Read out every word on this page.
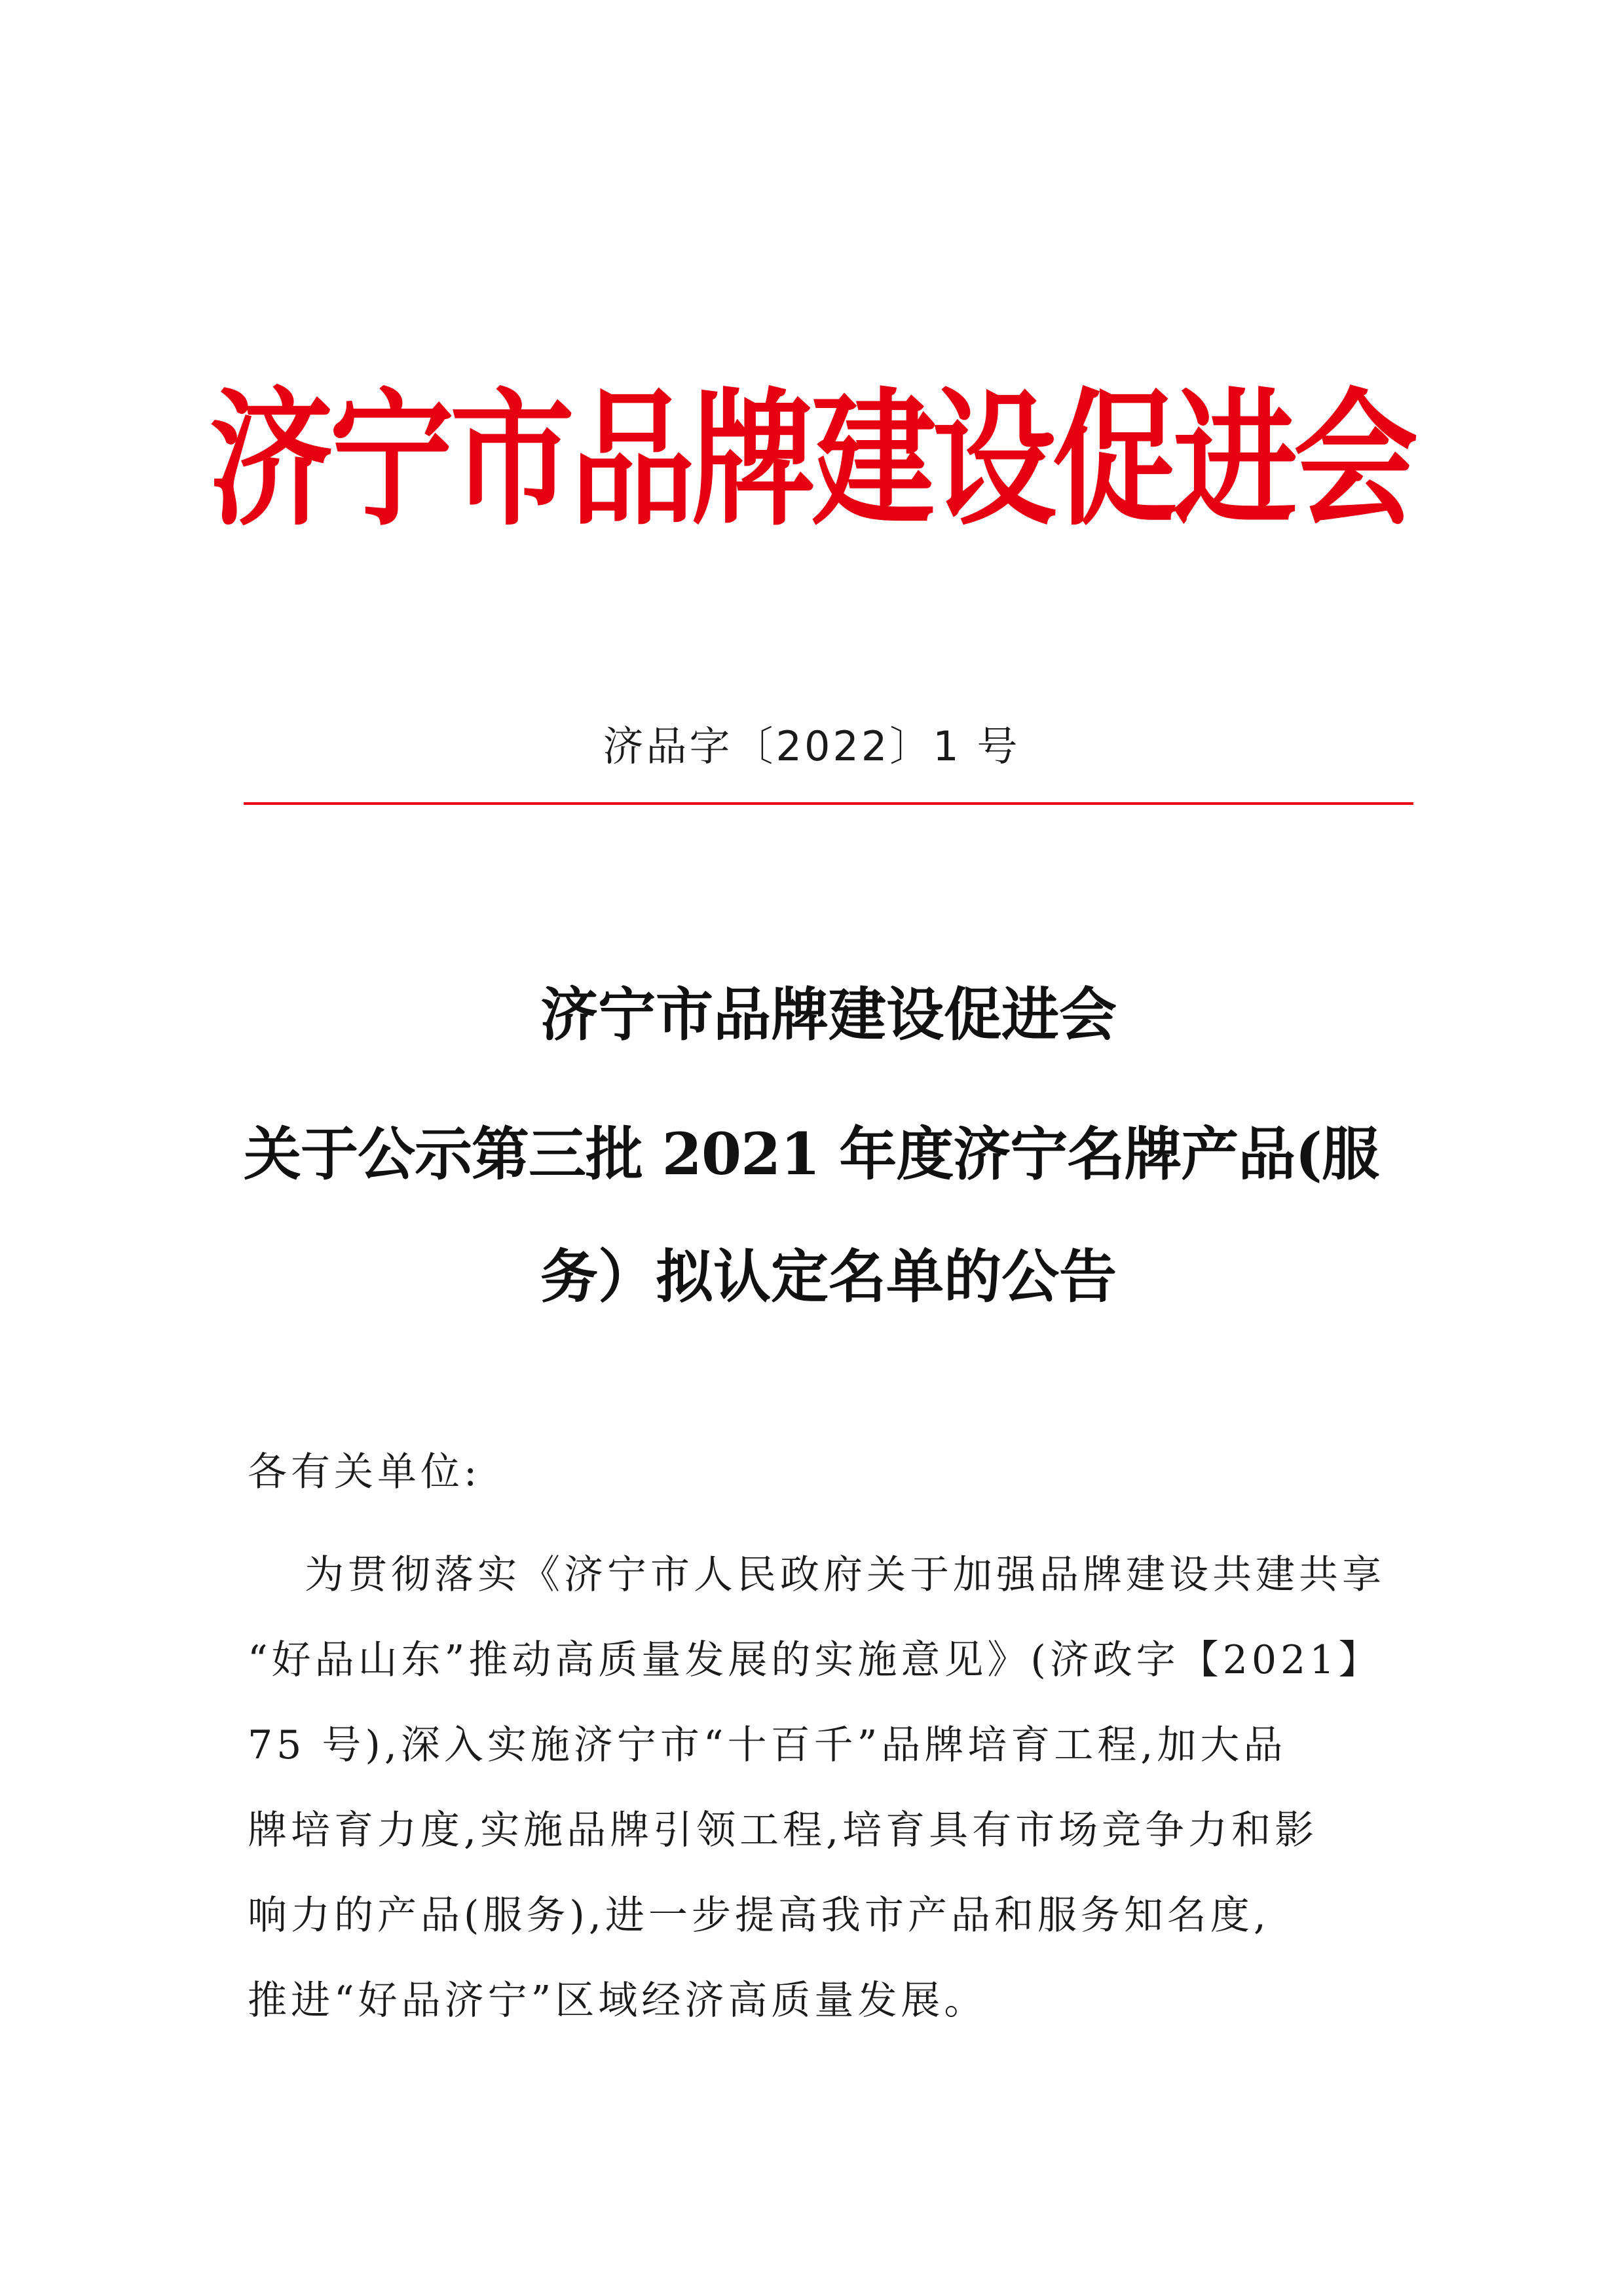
济宁市品牌建设促进会
济品字〔2022〕1 号
济宁市品牌建设促进会
关于公示第三批 2021 年度济宁名牌产品(服
务）拟认定名单的公告
各有关单位:
为贯彻落实《济宁市人民政府关于加强品牌建设共建共享
“好品山东”推动高质量发展的实施意见》(济政字【2021】
75 号),深入实施济宁市“十百千”品牌培育工程,加大品
牌培育力度,实施品牌引领工程,培育具有市场竞争力和影
响力的产品(服务),进一步提高我市产品和服务知名度,
推进“好品济宁”区域经济高质量发展。
